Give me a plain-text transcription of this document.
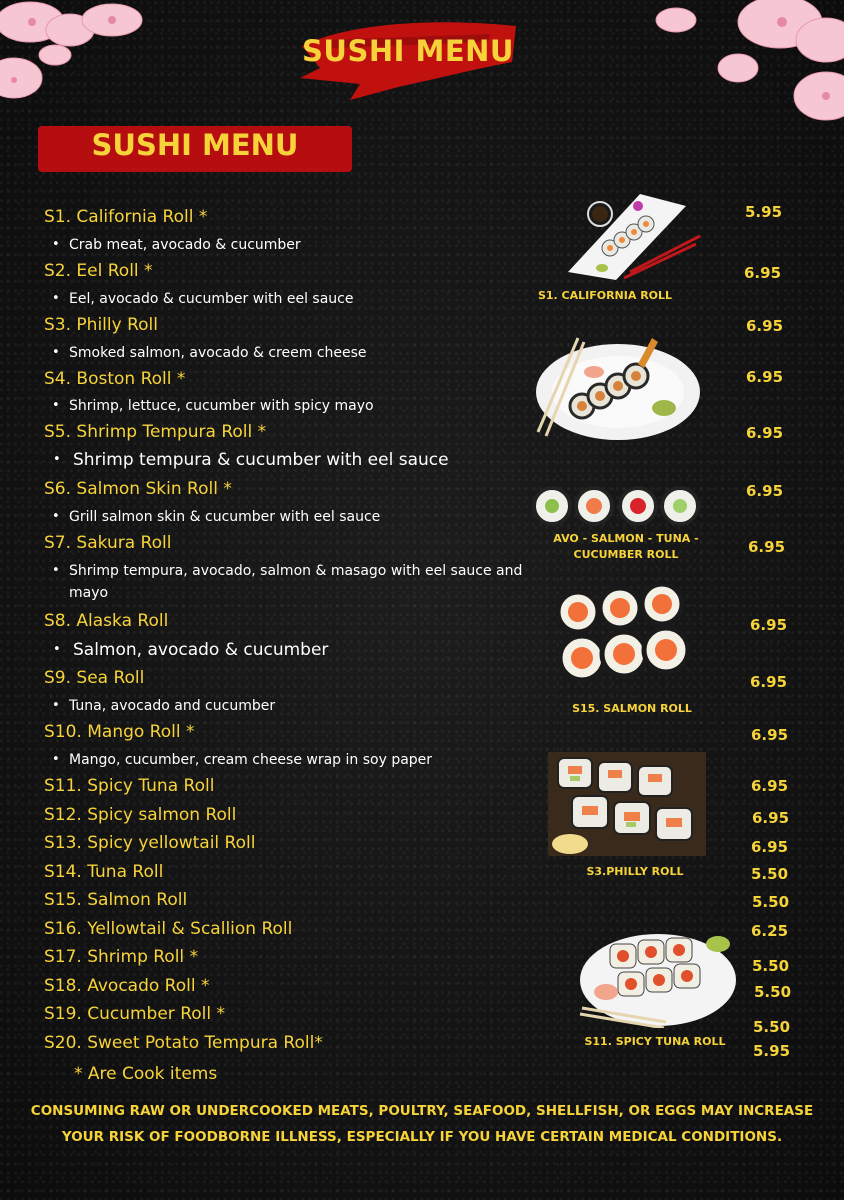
SUSHI MENU
SUSHI MENU
S1. California Roll *
• Crab meat, avocado & cucumber
5.95
S2. Eel Roll *
• Eel, avocado & cucumber with eel sauce
6.95
S3. Philly Roll
• Smoked salmon, avocado & creem cheese
6.95
S4. Boston Roll *
• Shrimp, lettuce, cucumber with spicy mayo
6.95
S5. Shrimp Tempura Roll *
• Shrimp tempura & cucumber with eel sauce
6.95
S6. Salmon Skin Roll *
• Grill salmon skin & cucumber with eel sauce
6.95
S7. Sakura Roll
• Shrimp tempura, avocado, salmon & masago with eel sauce and mayo
6.95
S8. Alaska Roll
• Salmon, avocado & cucumber
6.95
S9. Sea Roll
• Tuna, avocado and cucumber
6.95
S10. Mango Roll *
• Mango, cucumber, cream cheese wrap in soy paper
6.95
S11. Spicy Tuna Roll	6.95
S12. Spicy salmon Roll	6.95
S13. Spicy yellowtail Roll	6.95
S14. Tuna Roll	5.50
S15. Salmon Roll	5.50
S16. Yellowtail & Scallion Roll	6.25
S17. Shrimp Roll *	5.50
S18. Avocado Roll *	5.50
S19. Cucumber Roll *
5.50
S20. Sweet Potato Tempura Roll*	5.95
S1. CALIFORNIA ROLL
AVO - SALMON - TUNA - CUCUMBER ROLL
S15. SALMON ROLL
S3.PHILLY ROLL
S11. SPICY TUNA ROLL
* Are Cook items
CONSUMING RAW OR UNDERCOOKED MEATS, POULTRY, SEAFOOD, SHELLFISH, OR EGGS MAY INCREASE YOUR RISK OF FOODBORNE ILLNESS, ESPECIALLY IF YOU HAVE CERTAIN MEDICAL CONDITIONS.
